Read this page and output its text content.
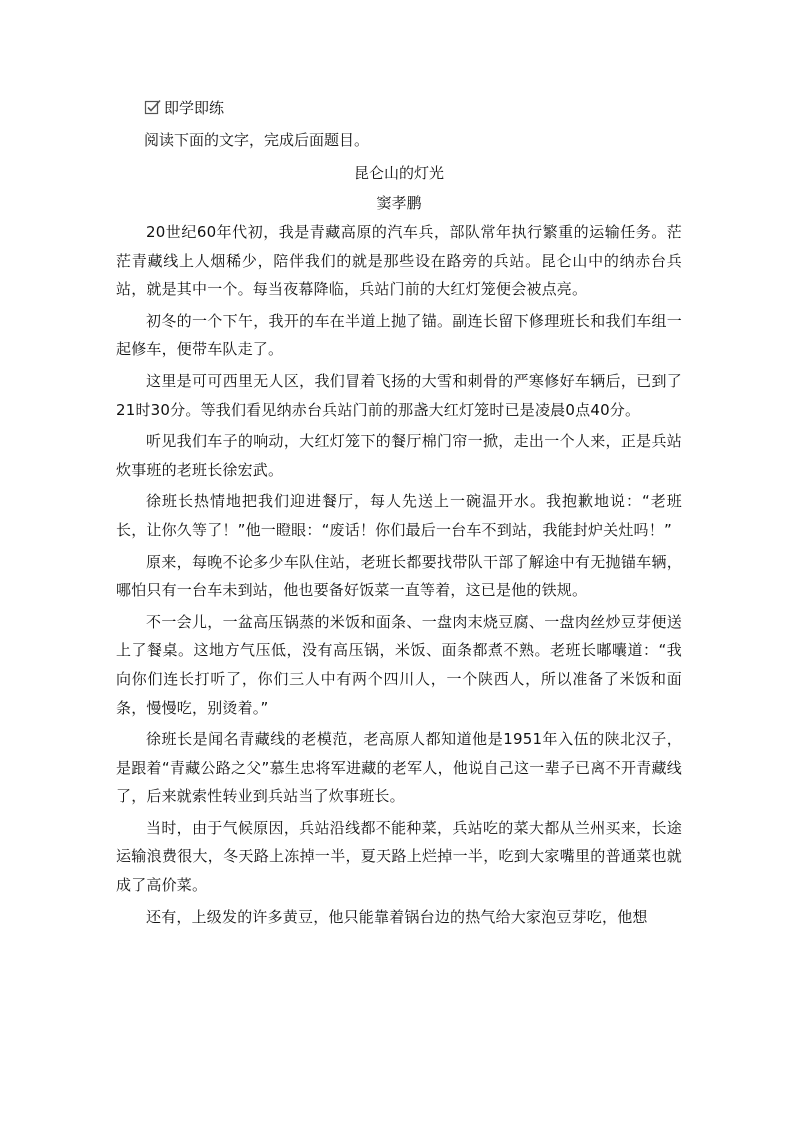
即学即练
阅读下面的文字，完成后面题目。
昆仑山的灯光
窦孝鹏

20世纪60年代初，我是青藏高原的汽车兵，部队常年执行繁重的运输任务。茫茫青藏线上人烟稀少，陪伴我们的就是那些设在路旁的兵站。昆仑山中的纳赤台兵站，就是其中一个。每当夜幕降临，兵站门前的大红灯笼便会被点亮。

初冬的一个下午，我开的车在半道上抛了锚。副连长留下修理班长和我们车组一起修车，便带车队走了。

这里是可可西里无人区，我们冒着飞扬的大雪和刺骨的严寒修好车辆后，已到了21时30分。等我们看见纳赤台兵站门前的那盏大红灯笼时已是凌晨0点40分。

听见我们车子的响动，大红灯笼下的餐厅棉门帘一掀，走出一个人来，正是兵站炊事班的老班长徐宏武。

徐班长热情地把我们迎进餐厅，每人先送上一碗温开水。我抱歉地说：“老班长，让你久等了！”他一瞪眼：“废话！你们最后一台车不到站，我能封炉关灶吗！”

原来，每晚不论多少车队住站，老班长都要找带队干部了解途中有无抛锚车辆，哪怕只有一台车未到站，他也要备好饭菜一直等着，这已是他的铁规。

不一会儿，一盆高压锅蒸的米饭和面条、一盘肉末烧豆腐、一盘肉丝炒豆芽便送上了餐桌。这地方气压低，没有高压锅，米饭、面条都煮不熟。老班长嘟囔道：“我向你们连长打听了，你们三人中有两个四川人，一个陕西人，所以准备了米饭和面条，慢慢吃，别烫着。”

徐班长是闻名青藏线的老模范，老高原人都知道他是1951年入伍的陕北汉子，是跟着“青藏公路之父”慕生忠将军进藏的老军人，他说自己这一辈子已离不开青藏线了，后来就索性转业到兵站当了炊事班长。

当时，由于气候原因，兵站沿线都不能种菜，兵站吃的菜大都从兰州买来，长途运输浪费很大，冬天路上冻掉一半，夏天路上烂掉一半，吃到大家嘴里的普通菜也就成了高价菜。

还有，上级发的许多黄豆，他只能靠着锅台边的热气给大家泡豆芽吃，他想
